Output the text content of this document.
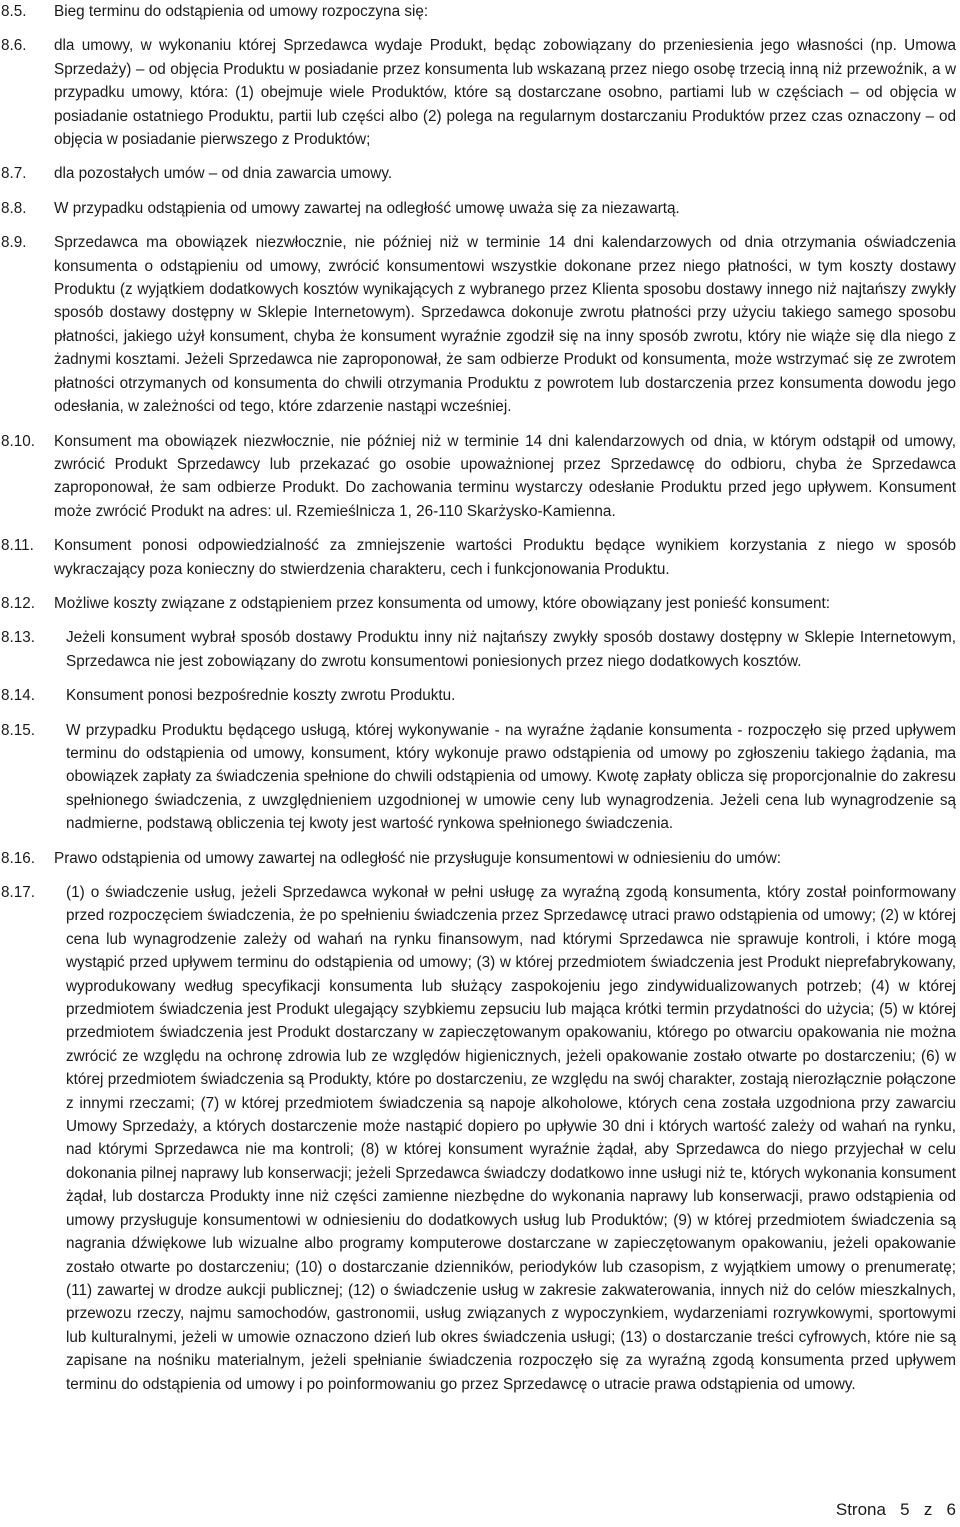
8.5.	Bieg terminu do odstąpienia od umowy rozpoczyna się:
8.6.	dla umowy, w wykonaniu której Sprzedawca wydaje Produkt, będąc zobowiązany do przeniesienia jego własności (np. Umowa Sprzedaży) – od objęcia Produktu w posiadanie przez konsumenta lub wskazaną przez niego osobę trzecią inną niż przewoźnik, a w przypadku umowy, która: (1) obejmuje wiele Produktów, które są dostarczane osobno, partiami lub w częściach – od objęcia w posiadanie ostatniego Produktu, partii lub części albo (2) polega na regularnym dostarczaniu Produktów przez czas oznaczony – od objęcia w posiadanie pierwszego z Produktów;
8.7.	dla pozostałych umów – od dnia zawarcia umowy.
8.8.	W przypadku odstąpienia od umowy zawartej na odległość umowę uważa się za niezawartą.
8.9.	Sprzedawca ma obowiązek niezwłocznie, nie później niż w terminie 14 dni kalendarzowych od dnia otrzymania oświadczenia konsumenta o odstąpieniu od umowy, zwrócić konsumentowi wszystkie dokonane przez niego płatności, w tym koszty dostawy Produktu (z wyjątkiem dodatkowych kosztów wynikających z wybranego przez Klienta sposobu dostawy innego niż najtańszy zwykły sposób dostawy dostępny w Sklepie Internetowym). Sprzedawca dokonuje zwrotu płatności przy użyciu takiego samego sposobu płatności, jakiego użył konsument, chyba że konsument wyraźnie zgodził się na inny sposób zwrotu, który nie wiąże się dla niego z żadnymi kosztami. Jeżeli Sprzedawca nie zaproponował, że sam odbierze Produkt od konsumenta, może wstrzymać się ze zwrotem płatności otrzymanych od konsumenta do chwili otrzymania Produktu z powrotem lub dostarczenia przez konsumenta dowodu jego odesłania, w zależności od tego, które zdarzenie nastąpi wcześniej.
8.10.	Konsument ma obowiązek niezwłocznie, nie później niż w terminie 14 dni kalendarzowych od dnia, w którym odstąpił od umowy, zwrócić Produkt Sprzedawcy lub przekazać go osobie upoważnionej przez Sprzedawcę do odbioru, chyba że Sprzedawca zaproponował, że sam odbierze Produkt. Do zachowania terminu wystarczy odesłanie Produktu przed jego upływem. Konsument może zwrócić Produkt na adres: ul. Rzemieślnicza 1, 26-110 Skarżysko-Kamienna.
8.11.	Konsument ponosi odpowiedzialność za zmniejszenie wartości Produktu będące wynikiem korzystania z niego w sposób wykraczający poza konieczny do stwierdzenia charakteru, cech i funkcjonowania Produktu.
8.12.	Możliwe koszty związane z odstąpieniem przez konsumenta od umowy, które obowiązany jest ponieść konsument:
8.13.	Jeżeli konsument wybrał sposób dostawy Produktu inny niż najtańszy zwykły sposób dostawy dostępny w Sklepie Internetowym, Sprzedawca nie jest zobowiązany do zwrotu konsumentowi poniesionych przez niego dodatkowych kosztów.
8.14.	Konsument ponosi bezpośrednie koszty zwrotu Produktu.
8.15.	W przypadku Produktu będącego usługą, której wykonywanie - na wyraźne żądanie konsumenta - rozpoczęło się przed upływem terminu do odstąpienia od umowy, konsument, który wykonuje prawo odstąpienia od umowy po zgłoszeniu takiego żądania, ma obowiązek zapłaty za świadczenia spełnione do chwili odstąpienia od umowy. Kwotę zapłaty oblicza się proporcjonalnie do zakresu spełnionego świadczenia, z uwzględnieniem uzgodnionej w umowie ceny lub wynagrodzenia. Jeżeli cena lub wynagrodzenie są nadmierne, podstawą obliczenia tej kwoty jest wartość rynkowa spełnionego świadczenia.
8.16.	Prawo odstąpienia od umowy zawartej na odległość nie przysługuje konsumentowi w odniesieniu do umów:
8.17.	(1) o świadczenie usług, jeżeli Sprzedawca wykonał w pełni usługę za wyraźną zgodą konsumenta, który został poinformowany przed rozpoczęciem świadczenia, że po spełnieniu świadczenia przez Sprzedawcę utraci prawo odstąpienia od umowy; (2) w której cena lub wynagrodzenie zależy od wahań na rynku finansowym, nad którymi Sprzedawca nie sprawuje kontroli, i które mogą wystąpić przed upływem terminu do odstąpienia od umowy; (3) w której przedmiotem świadczenia jest Produkt nieprefabrykowany, wyprodukowany według specyfikacji konsumenta lub służący zaspokojeniu jego zindywidualizowanych potrzeb; (4) w której przedmiotem świadczenia jest Produkt ulegający szybkiemu zepsuciu lub mająca krótki termin przydatności do użycia; (5) w której przedmiotem świadczenia jest Produkt dostarczany w zapieczętowanym opakowaniu, którego po otwarciu opakowania nie można zwrócić ze względu na ochronę zdrowia lub ze względów higienicznych, jeżeli opakowanie zostało otwarte po dostarczeniu; (6) w której przedmiotem świadczenia są Produkty, które po dostarczeniu, ze względu na swój charakter, zostają nierozłącznie połączone z innymi rzeczami; (7) w której przedmiotem świadczenia są napoje alkoholowe, których cena została uzgodniona przy zawarciu Umowy Sprzedaży, a których dostarczenie może nastąpić dopiero po upływie 30 dni i których wartość zależy od wahań na rynku, nad którymi Sprzedawca nie ma kontroli; (8) w której konsument wyraźnie żądał, aby Sprzedawca do niego przyjechał w celu dokonania pilnej naprawy lub konserwacji; jeżeli Sprzedawca świadczy dodatkowo inne usługi niż te, których wykonania konsument żądał, lub dostarcza Produkty inne niż części zamienne niezbędne do wykonania naprawy lub konserwacji, prawo odstąpienia od umowy przysługuje konsumentowi w odniesieniu do dodatkowych usług lub Produktów; (9) w której przedmiotem świadczenia są nagrania dźwiękowe lub wizualne albo programy komputerowe dostarczane w zapieczętowanym opakowaniu, jeżeli opakowanie zostało otwarte po dostarczeniu; (10) o dostarczanie dzienników, periodyków lub czasopism, z wyjątkiem umowy o prenumeratę; (11) zawartej w drodze aukcji publicznej; (12) o świadczenie usług w zakresie zakwaterowania, innych niż do celów mieszkalnych, przewozu rzeczy, najmu samochodów, gastronomii, usług związanych z wypoczynkiem, wydarzeniami rozrywkowymi, sportowymi lub kulturalnymi, jeżeli w umowie oznaczono dzień lub okres świadczenia usługi; (13) o dostarczanie treści cyfrowych, które nie są zapisane na nośniku materialnym, jeżeli spełnianie świadczenia rozpoczęło się za wyraźną zgodą konsumenta przed upływem terminu do odstąpienia od umowy i po poinformowaniu go przez Sprzedawcę o utracie prawa odstąpienia od umowy.
Strona 5 z 6
